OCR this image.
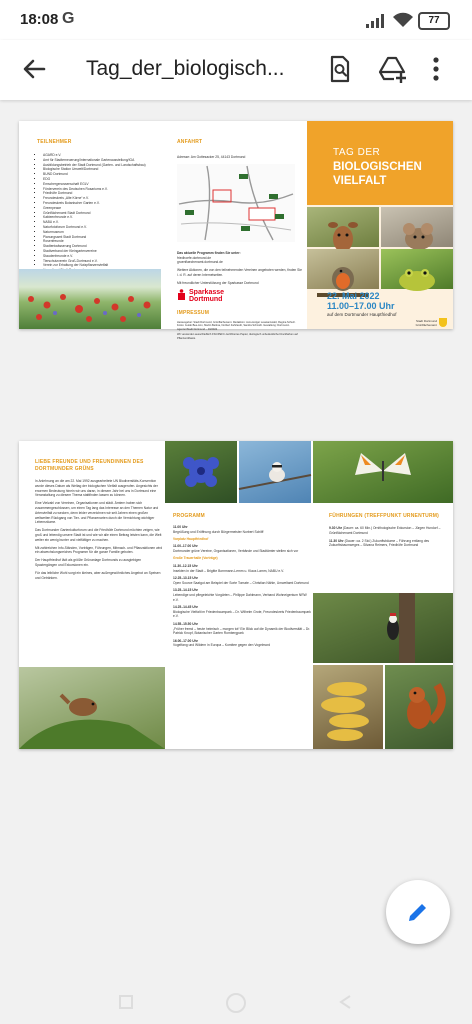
18:08 G	77
Tag_der_biologisch...
TEILNEHMER
▪ AGARD e.V.
▪ Amt für Stadterneuerung/Internationale Gartenausstellung/IGA
▪ Ausbildungsbetrieb der Stadt Dortmund (Garten- und Landschaftsbau)
▪ Biologische Station Umwelt/Dortmund
▪ BUND Dortmund
▪ EDG
▪ Emschergenossenschaft EGLV
▪ Förderverein des Deutschen Rosariums e.V.
▪ Friedhöfe Dortmund
▪ Freundeskreis „Alte Körne“ e.V.
▪ Freundeskreis Botanischer Garten e.V.
▪ Greenpeace
▪ Grünflächenamt Stadt Dortmund
▪ Kakteenfreunde e.V.
▪ NABU e.V.
▪ Naturfotoforum Dortmund e.V.
▪ Naturmuseum
▪ Planungsamt Stadt Dortmund
▪ Rosenfreunde
▪ Stadtentwässerung Dortmund
▪ Stadtverband der Kleingartenvereine
▪ Staudenfreunde e.V.
▪ Tierschutzverein Groß-Dortmund e.V.
▪ Verein zur Erhaltung der Nutzpflanzenvielfalt
▪
▪
▪
ANFAHRT
Adresse: Am Gottesacker 25, 44143 Dortmund
Das aktuelle Programm finden Sie unter:
friedhoefe.dortmund.de
gruenflaechenamt.dortmund.de
Weitere Aktionen, die von den teilnehmenden Vereinen angeboten werden, finden Sie i. d. R. auf deren Internetseiten.
Mit freundlicher Unterstützung der Sparkasse Dortmund
Sparkasse
Dortmund
IMPRESSUM
Herausgeber: Stadt Dortmund, Grünflächenamt. Redaktion: Jens-Holger Lesetanzwald, Regina Schulz. Fotos: Guido Bee-Ann, Martin Bettina, Norbert Fahrlandt, Sandra Schmidt. Gestaltung: Dortmund-Agentur/Stadt Dortmund – 04/2022
Wir verwenden ausschließlich FSC/PEFC-zertifiziertes Papier, ökologisch unbedenkliche Druckfarben auf Pflanzenölbasis.
TAG DER
BIOLOGISCHEN
VIELFALT
22. Mai 2022
11.00–17.00 Uhr
auf dem Dortmunder Hauptfriedhof
Stadt Dortmund
Grünflächenamt
LIEBE FREUNDE UND FREUNDINNEN DES DORTMUNDER GRÜNS
In Anlehnung an die am 22. Mai 1992 ausgearbeitete UN Biodiversitäts-Konvention wurde dieses Datum als Weltag der biologischen Vielfalt ausgerufen. Angesichts der enormen Bedeutung hinein wir uns daran, in diesem Jahr bei uns in Dortmund eine Veranstaltung zu diesem Thema stattfinden lassen zu können.
Eine Vielzahl von Vereinen, Organisationen und städt. Ämtern haben sich zusammengeschlossen, um einen Tag lang das Interesse an den Themen Natur und Artenvielfalt zu wecken, denn leider verzeichnen wir seit Jahren einen großen weltweiten Rückgang von Tier- und Pflanzenarten durch die Vernichtung wichtiger Lebensräume.
Das Dortmunder Gartenkulturforum und die Friedhöfe Dortmund möchten zeigen, wie groß und lebendig unsere Stadt ist und wie wir alle einen Beitrag leisten kann, die Welt weiter ein wenig bunter und vielfältiger zu machen.
Mit zahlreichen Info-Ständen, Vorträgen, Führungen, Mitmach- und Pflanzaktionen wird ein abwechslungsreiches Programm für die ganze Familie geboten.
Der Hauptfriedhof lädt als größte Grünanlage Dortmunds zu ausgiebigen Spaziergängen und Exkursionen ein.
Für das leibliche Wohl sorgt ein kleines, aber außergewöhnliches Angebot an Speisen und Getränken.
PROGRAMM
11.00 Uhr
Begrüßung und Eröffnung durch Bürgermeister Norbert Schilff
Vorplatz Hauptfriedhof
11.00–17.00 Uhr
Dortmunder grüne Vereine, Organisationen, Verbände und Stadtämter stellen sich vor
Große Trauerhalle (Vorträge)
11.30–12.15 Uhr
Insekten in der Stadt – Brigitte Bornmann-Lemm u. Klaus Lamm, NABU e.V.
12.25–13.15 Uhr
Open Source Saatgut am Beispiel der Sorte Tomate – Christian Nähle, Umweltamt Dortmund
13.25–14.15 Uhr
Lebendige und pflegeleichte Vorgärten – Philippe Dahlmann, Verband Wohneigentum NRW e.V.
14.25–14.45 Uhr
Biologische Vielfalt im Friedenbaumpark – Dr. Wilhelm Grote, Freundeskreis Friedenbaumpark e.V.
14.55–15.50 Uhr
„Früher fremd – heute heimisch – morgen tot“ Ein Blick auf die Dynamik der Biodiversität – Dr. Patrick Knopf, Botanischer Garten Rombergpark
16.00–17.00 Uhr
Vogelfang und Wildern in Europa – Komitee gegen den Vogelmord
FÜHRUNGEN (TREFFPUNKT URNENTURM)
9.30 Uhr (Dauer: ca. 60 Min.) Ornithologische Exkursion – Jürgen Hundorf – Grünflächenamt Dortmund
11.30 Uhr (Dauer: ca. 2 Std.) Zukunftsbäume – Führung entlang des Zukunftsbaumweges – Silvana Reimers, Friedhöfe Dortmund
